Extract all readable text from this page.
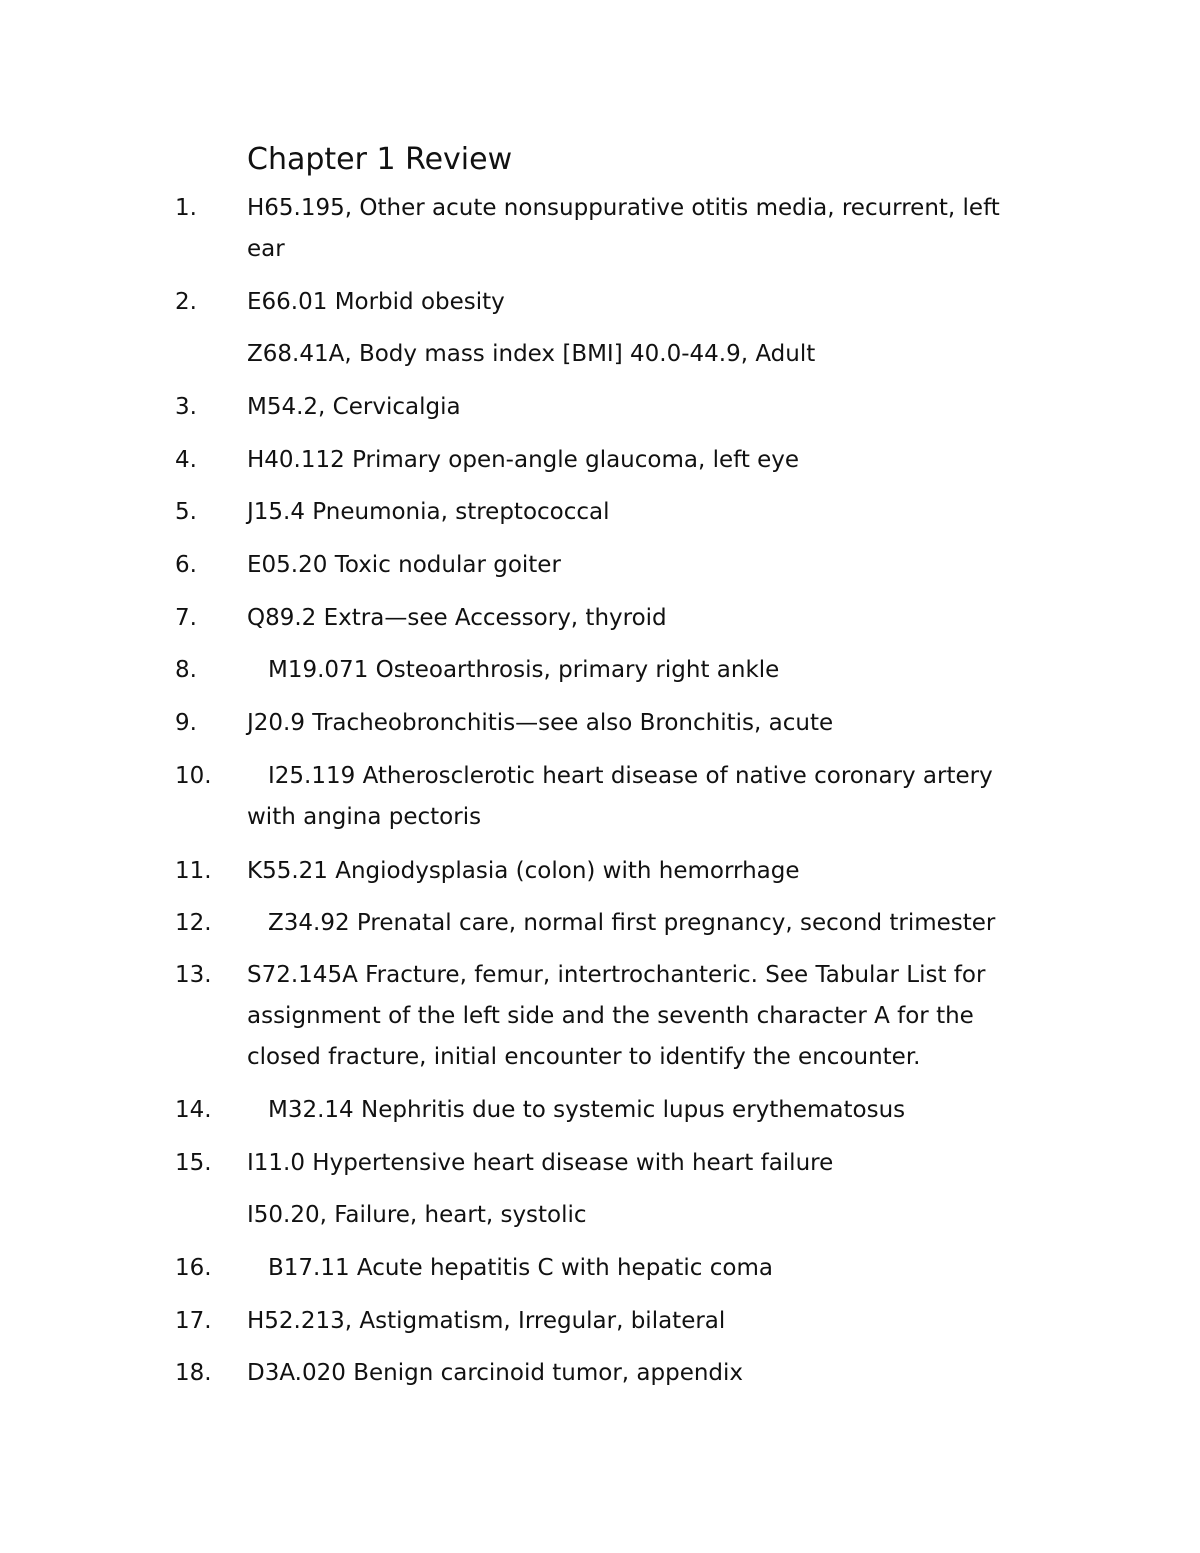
Chapter 1 Review
1. H65.195, Other acute nonsuppurative otitis media, recurrent, left ear
2. E66.01 Morbid obesity
Z68.41A, Body mass index [BMI] 40.0-44.9, Adult
3. M54.2, Cervicalgia
4. H40.112 Primary open-angle glaucoma, left eye
5. J15.4 Pneumonia, streptococcal
6. E05.20 Toxic nodular goiter
7. Q89.2 Extra—see Accessory, thyroid
8.	M19.071 Osteoarthrosis, primary right ankle
9. J20.9 Tracheobronchitis—see also Bronchitis, acute
10.	I25.119 Atherosclerotic heart disease of native coronary artery with angina pectoris
11. K55.21 Angiodysplasia (colon) with hemorrhage
12.	Z34.92 Prenatal care, normal first pregnancy, second trimester
13. S72.145A Fracture, femur, intertrochanteric. See Tabular List for assignment of the left side and the seventh character A for the closed fracture, initial encounter to identify the encounter.
14.	M32.14 Nephritis due to systemic lupus erythematosus
15. I11.0 Hypertensive heart disease with heart failure
I50.20, Failure, heart, systolic
16.	B17.11 Acute hepatitis C with hepatic coma
17. H52.213, Astigmatism, Irregular, bilateral
18. D3A.020 Benign carcinoid tumor, appendix
